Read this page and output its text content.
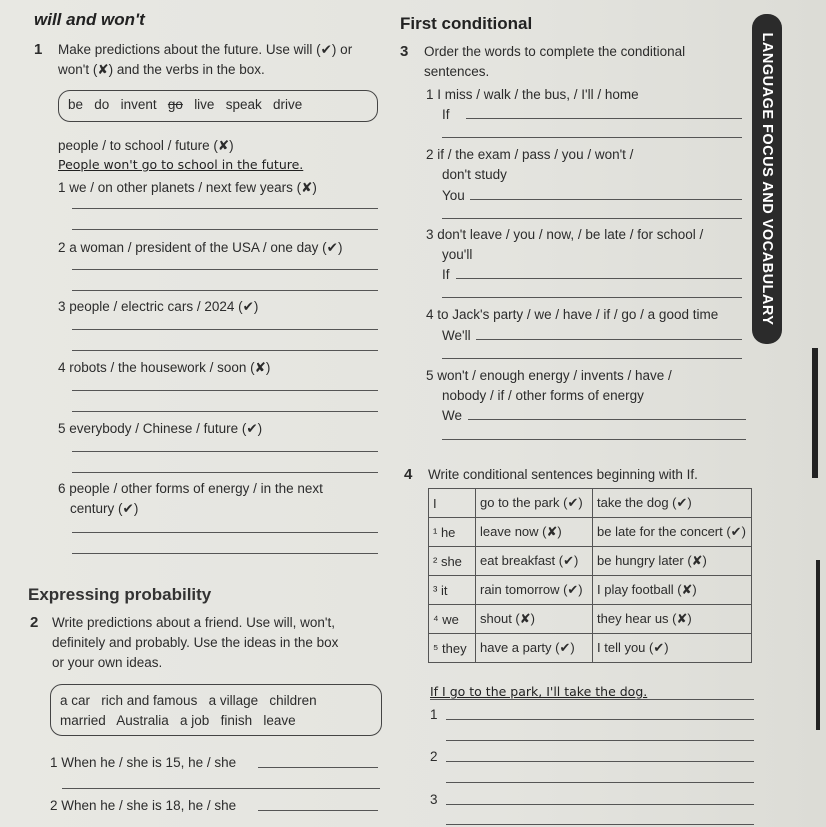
will and won't	First conditional
1 Make predictions about the future. Use will (✔) or
won't (✘) and the verbs in the box.
be do invent go live speak drive
people / to school / future (✘)
People won't go to school in the future.
1 we / on other planets / next few years (✘)
2 a woman / president of the USA / one day (✔)
3 people / electric cars / 2024 (✔)
4 robots / the housework / soon (✘)
5 everybody / Chinese / future (✔)
6 people / other forms of energy / in the next
century (✔)
Expressing probability
2 Write predictions about a friend. Use will, won't,
definitely and probably. Use the ideas in the box
or your own ideas.
a car   rich and famous   a village   children
married   Australia   a job   finish   leave
1 When he / she is 15, he / she
2 When he / she is 18, he / she
3 Order the words to complete the conditional
sentences.
1 I miss / walk / the bus, / I'll / home
If
2 if / the exam / pass / you / won't /
don't study
You
3 don't leave / you / now, / be late / for school /
you'll
If
4 to Jack's party / we / have / if / go / a good time
We'll
5 won't / enough energy / invents / have /
nobody / if / other forms of energy
We
4 Write conditional sentences beginning with If.
I	go to the park (✔)	take the dog (✔)
¹ he	leave now (✘)	be late for the concert (✔)
² she	eat breakfast (✔)	be hungry later (✘)
³ it	rain tomorrow (✔)	I play football (✘)
⁴ we	shout (✘)	they hear us (✘)
⁵ they	have a party (✔)	I tell you (✔)
If I go to the park, I'll take the dog.
1
2
3
LANGUAGE FOCUS AND VOCABULARY
